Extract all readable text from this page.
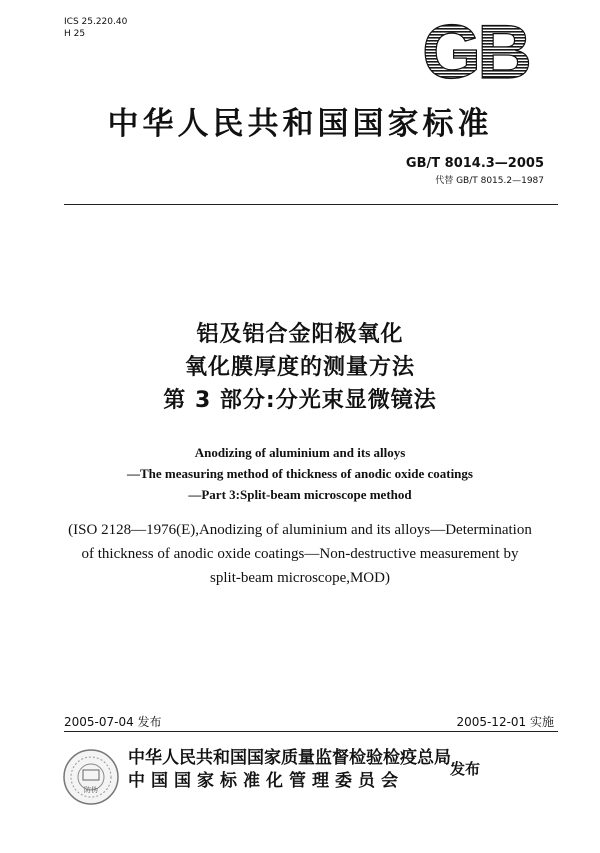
ICS 25.220.40
H 25	GB
中华人民共和国国家标准
GB/T 8014.3—2005
代替 GB/T 8015.2—1987
铝及铝合金阳极氧化
氧化膜厚度的测量方法
第 3 部分:分光束显微镜法
Anodizing of aluminium and its alloys
—The measuring method of thickness of anodic oxide coatings
—Part 3:Split-beam microscope method
(ISO 2128—1976(E),Anodizing of aluminium and its alloys—Determination
of thickness of anodic oxide coatings—Non-destructive measurement by
split-beam microscope,MOD)
2005-07-04 发布	2005-12-01 实施
防伪
中华人民共和国国家质量监督检验检疫总局
中国国家标准化管理委员会
发布
